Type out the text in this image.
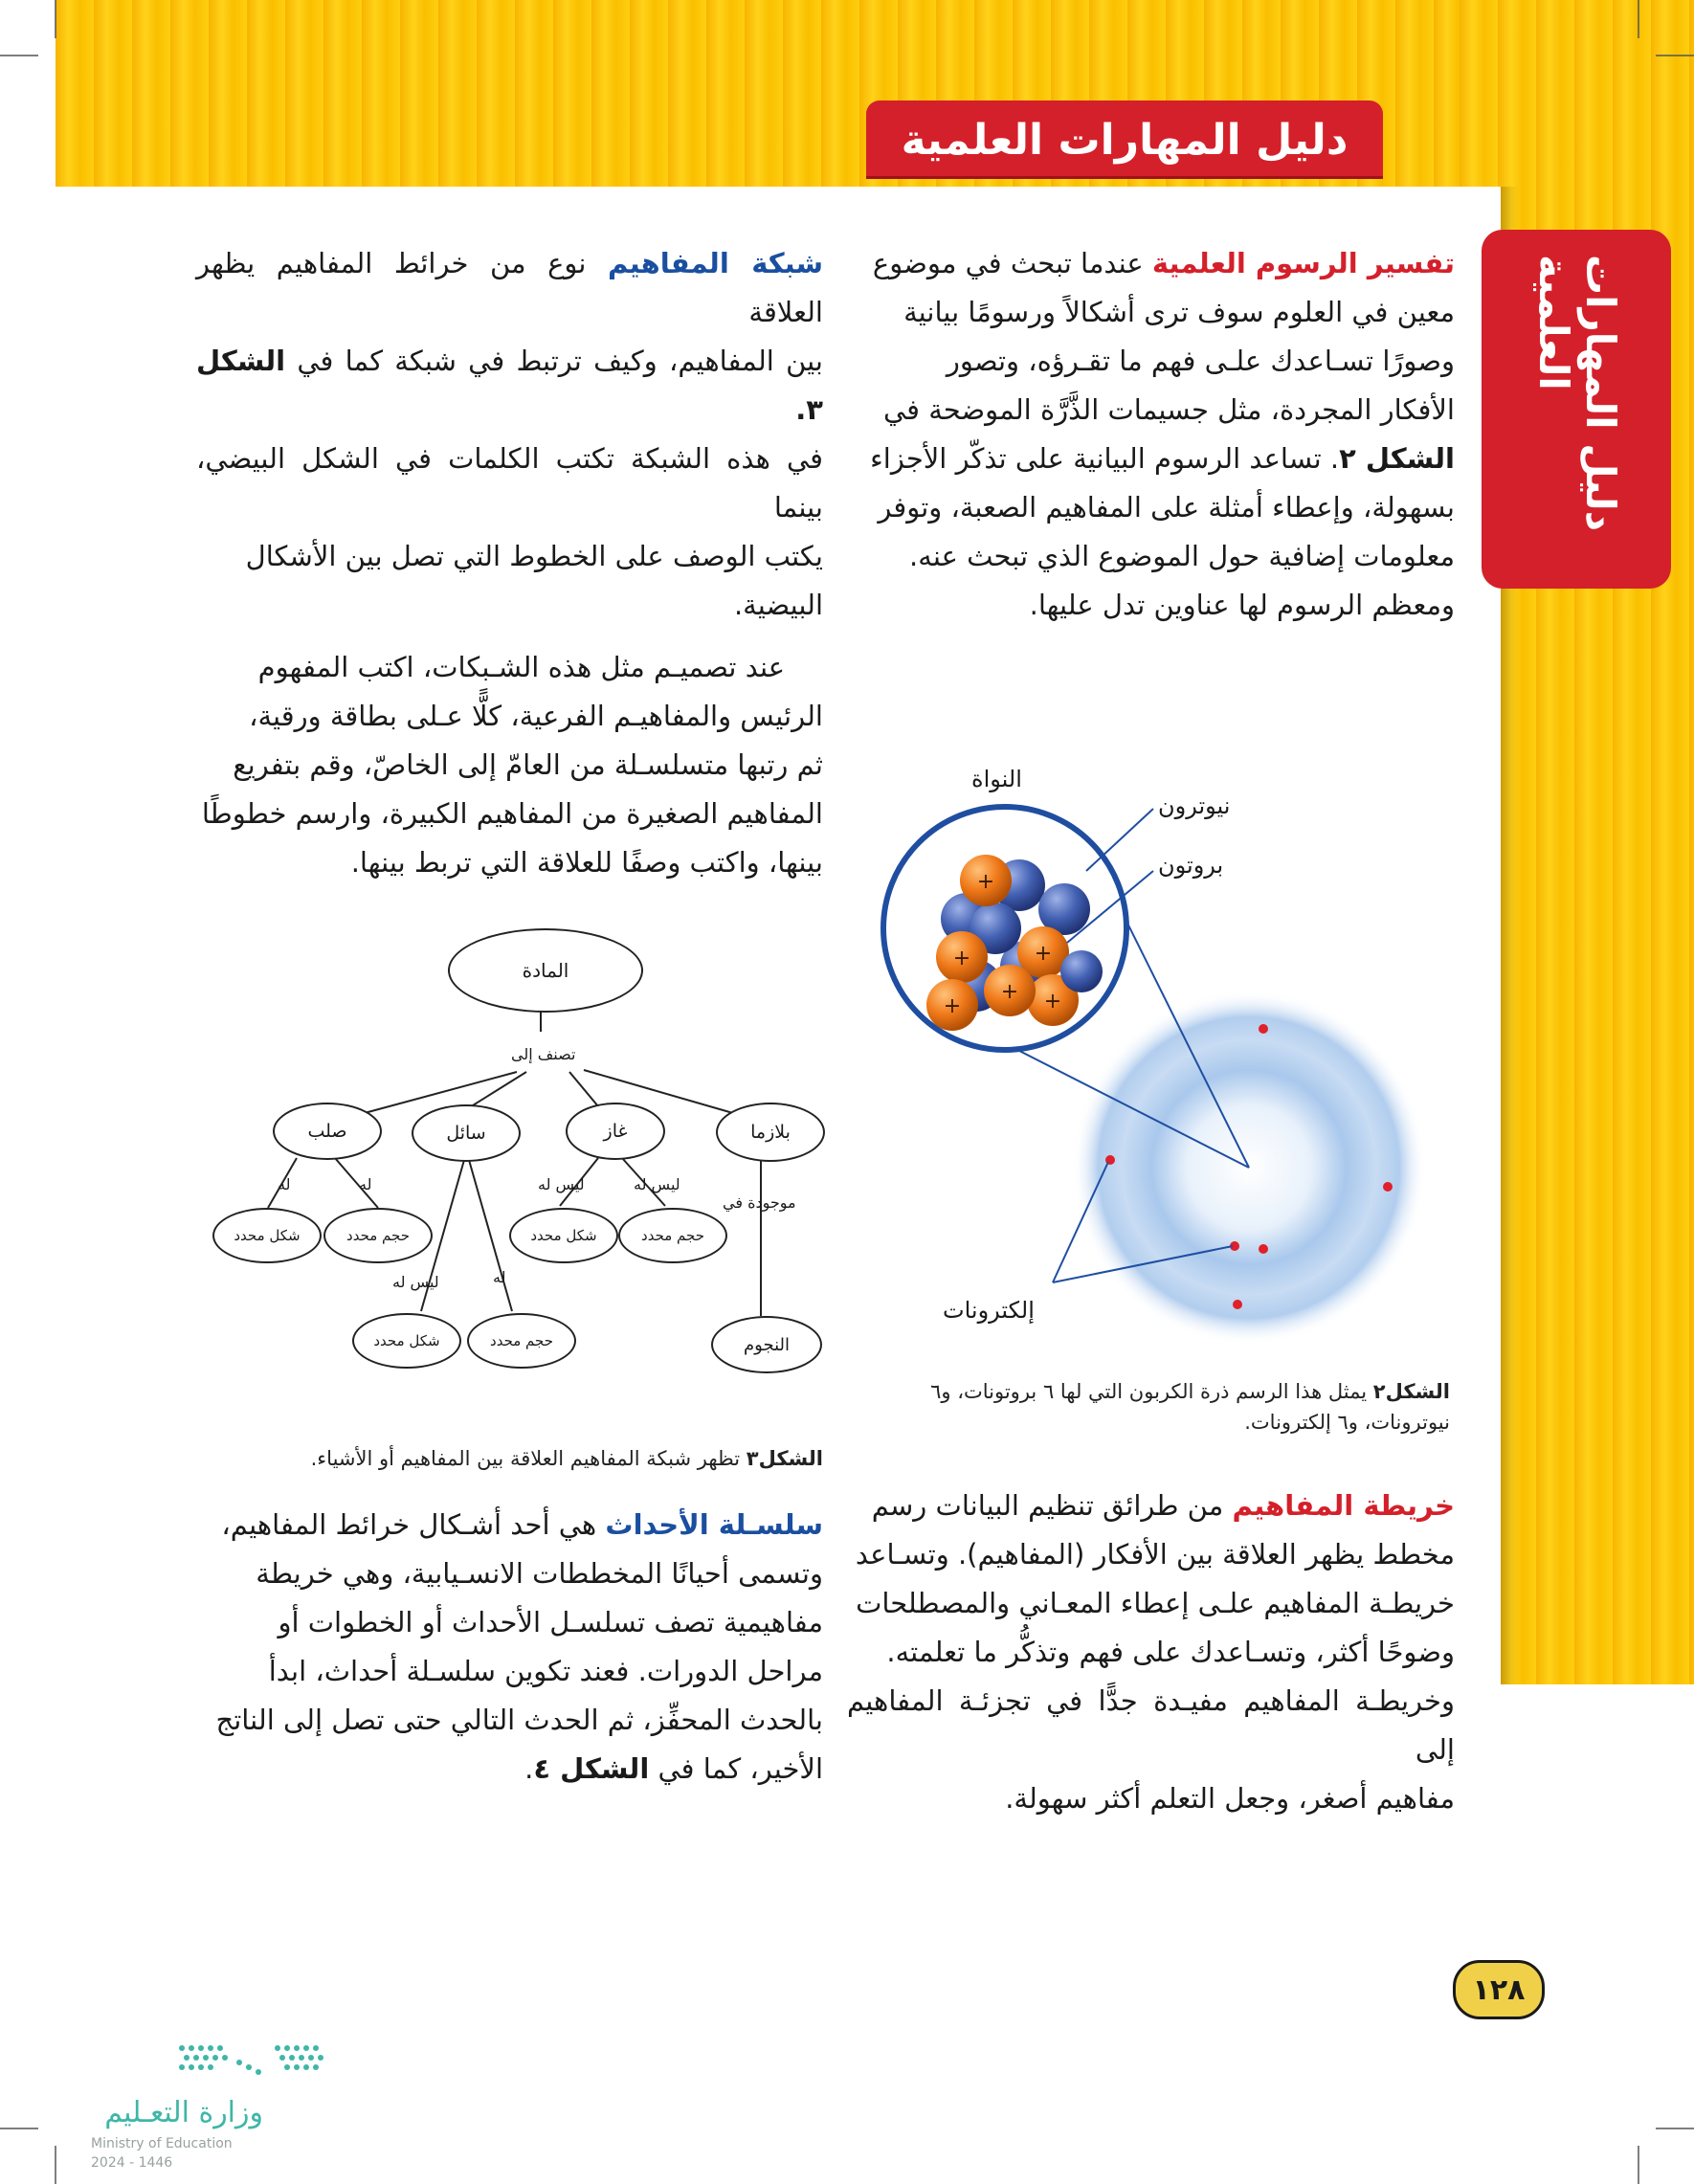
دليل المهارات العلمية
دليل المهارات العلمية
تفسير الرسوم العلمية عندما تبحث في موضوع
معين في العلوم سوف ترى أشكالاً ورسومًا بيانية
وصورًا تسـاعدك علـى فهم ما تقـرؤه، وتصور
الأفكار المجردة، مثل جسيمات الذَّرَّة الموضحة في
الشكل ٢. تساعد الرسوم البيانية على تذكّر الأجزاء
بسهولة، وإعطاء أمثلة على المفاهيم الصعبة، وتوفر
معلومات إضافية حول الموضوع الذي تبحث عنه.
ومعظم الرسوم لها عناوين تدل عليها.
+
+	+
+
+
+
النواة
نيوترون
بروتون
إلكترونات
الشكل٢ يمثل هذا الرسم ذرة الكربون التي لها ٦ بروتونات، و٦
نيوترونات، و٦ إلكترونات.
خريطة المفاهيم من طرائق تنظيم البيانات رسم
مخطط يظهر العلاقة بين الأفكار (المفاهيم). وتسـاعد
خريطـة المفاهيم علـى إعطاء المعـاني والمصطلحات
وضوحًا أكثر، وتسـاعدك على فهم وتذكُّر ما تعلمته.
وخريطـة المفاهيم مفيـدة جدًّا في تجزئـة المفاهيم إلى
مفاهيم أصغر، وجعل التعلم أكثر سهولة.
شبكة المفاهيم نوع من خرائط المفاهيم يظهر العلاقة
بين المفاهيم، وكيف ترتبط في شبكة كما في الشكل ٣.
في هذه الشبكة تكتب الكلمات في الشكل البيضي، بينما
يكتب الوصف على الخطوط التي تصل بين الأشكال
البيضية.
عند تصميـم مثل هذه الشـبكات، اكتب المفهوم
الرئيس والمفاهيـم الفرعية، كلًّا عـلى بطاقة ورقية،
ثم رتبها متسلسـلة من العامّ إلى الخاصّ، وقم بتفريع
المفاهيم الصغيرة من المفاهيم الكبيرة، وارسم خطوطًا
بينها، واكتب وصفًا للعلاقة التي تربط بينها.
المادة
تصنف إلى
بلازما
غاز
سائل
صلب
موجودة في
ليس له	ليس له
ليس له	له
له	له
النجوم
حجم محدد
شكل محدد
شكل محدد	حجم محدد
حجم محدد
شكل محدد
الشكل٣ تظهر شبكة المفاهيم العلاقة بين المفاهيم أو الأشياء.
سلسـلة الأحداث هي أحد أشـكال خرائط المفاهيم،
وتسمى أحيانًا المخططات الانسـيابية، وهي خريطة
مفاهيمية تصف تسلسـل الأحداث أو الخطوات أو
مراحل الدورات. فعند تكوين سلسـلة أحداث، ابدأ
بالحدث المحفِّز، ثم الحدث التالي حتى تصل إلى الناتج
الأخير، كما في الشكل ٤.
١٢٨
وزارة التعـليم
Ministry of Education
2024 - 1446
